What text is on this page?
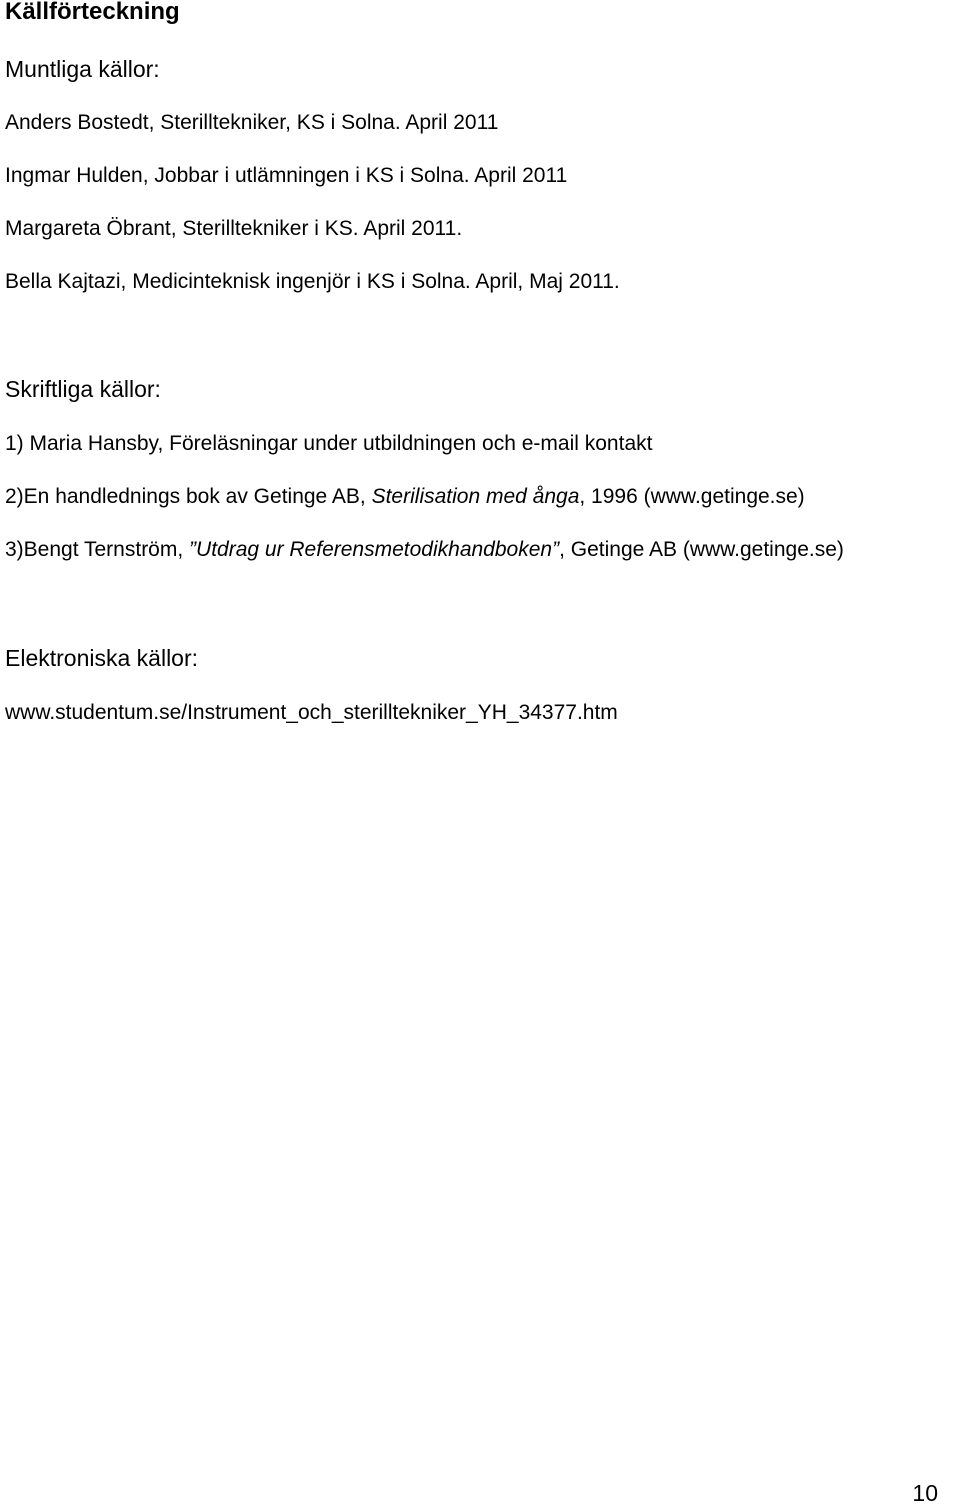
Källförteckning
Muntliga källor:
Anders Bostedt, Sterilltekniker, KS i Solna. April 2011
Ingmar Hulden, Jobbar i utlämningen i KS i Solna. April 2011
Margareta Öbrant, Sterilltekniker i KS. April 2011.
Bella Kajtazi, Medicinteknisk ingenjör i KS i Solna. April, Maj 2011.
Skriftliga källor:
1) Maria Hansby, Föreläsningar under utbildningen och e-mail kontakt
2)En handlednings bok av Getinge AB, Sterilisation med ånga, 1996 (www.getinge.se)
3)Bengt Ternström, ”Utdrag ur Referensmetodikhandboken”, Getinge AB (www.getinge.se)
Elektroniska källor:
www.studentum.se/Instrument_och_sterilltekniker_YH_34377.htm
10
